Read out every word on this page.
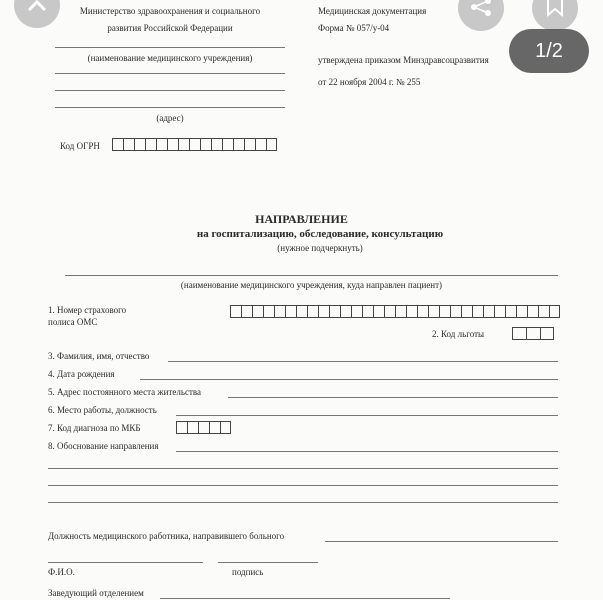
Министерство здравоохранения и социального
развития Российской Федерации
(наименование медицинского учреждения)
(адрес)
Код ОГРН
Медицинская документация
Форма № 057/у-04
утверждена приказом Минздравсоцразвития
от 22 ноября 2004 г. № 255
НАПРАВЛЕНИЕ
на госпитализацию, обследование, консультацию
(нужное подчеркнуть)
(наименование медицинского учреждения, куда направлен пациент)
1. Номер страхового
полиса ОМС
2. Код льготы
3. Фамилия, имя, отчество
4. Дата рождения
5. Адрес постоянного места жительства
6. Место работы, должность
7. Код диагноза по МКБ
8. Обоснование направления
Должность медицинского работника, направившего больного
Ф.И.О.	подпись
Заведующий отделением
1/2
